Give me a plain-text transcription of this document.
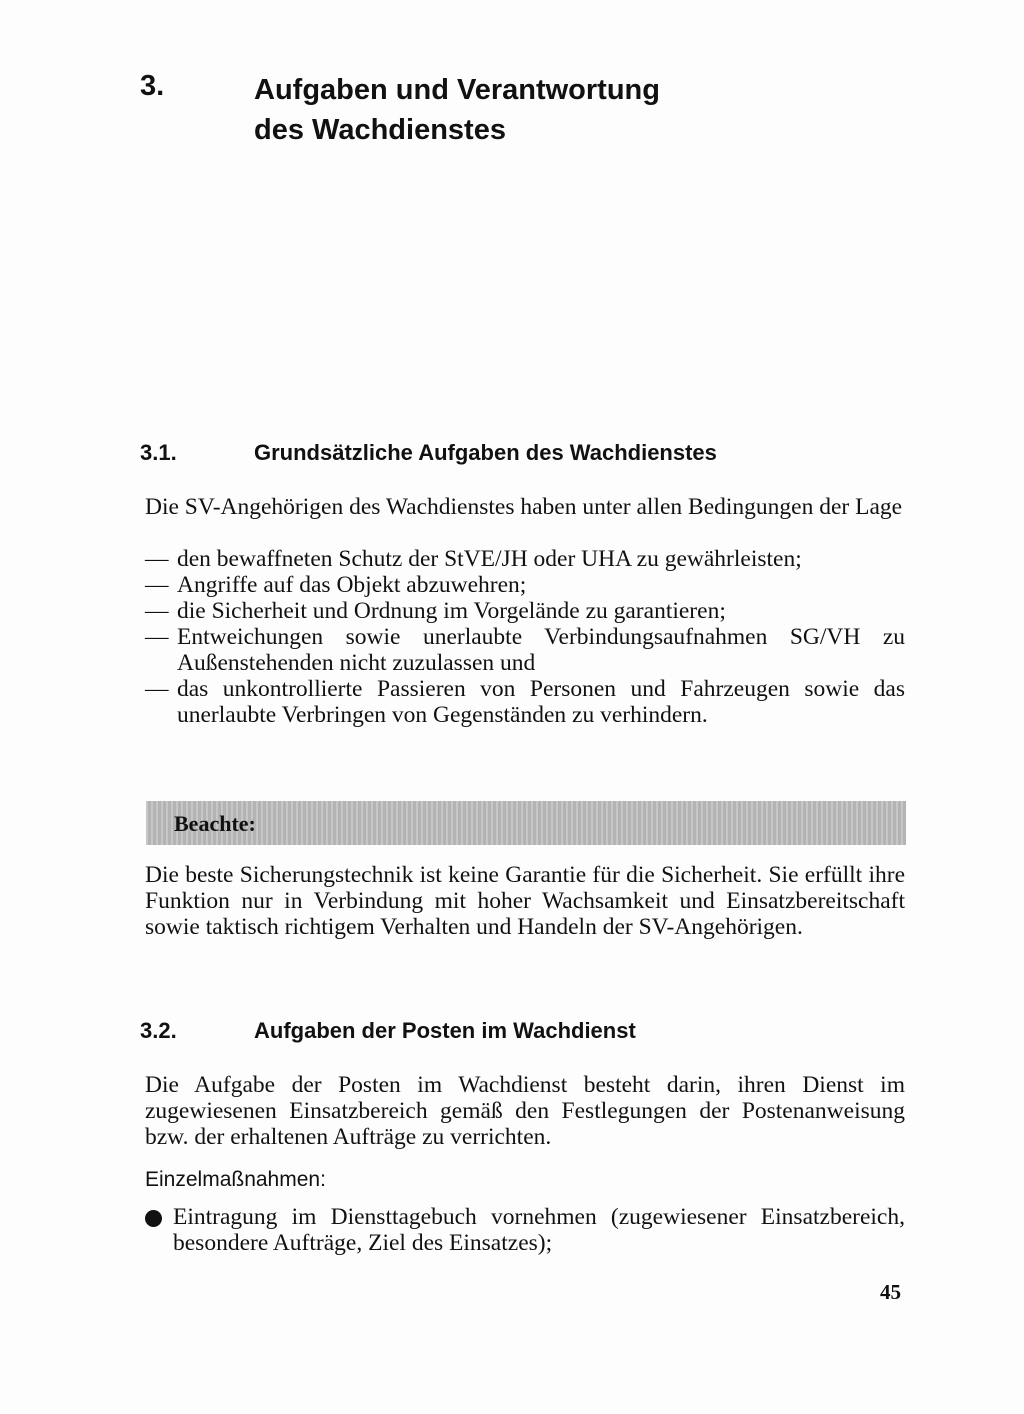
3.	Aufgaben und Verantwortung
des Wachdienstes
3.1.	Grundsätzliche Aufgaben des Wachdienstes
Die SV-Angehörigen des Wachdienstes haben unter allen Bedingungen der Lage
— den bewaffneten Schutz der StVE/JH oder UHA zu gewährleisten;
— Angriffe auf das Objekt abzuwehren;
— die Sicherheit und Ordnung im Vorgelände zu garantieren;
— Entweichungen sowie unerlaubte Verbindungsaufnahmen SG/VH zu Außenstehenden nicht zuzulassen und
— das unkontrollierte Passieren von Personen und Fahrzeugen sowie das unerlaubte Verbringen von Gegenständen zu verhindern.
Beachte:
Die beste Sicherungstechnik ist keine Garantie für die Sicherheit. Sie erfüllt ihre Funktion nur in Verbindung mit hoher Wachsamkeit und Einsatzbereitschaft sowie taktisch richtigem Verhalten und Handeln der SV-Angehörigen.
3.2.	Aufgaben der Posten im Wachdienst
Die Aufgabe der Posten im Wachdienst besteht darin, ihren Dienst im zugewiesenen Einsatzbereich gemäß den Festlegungen der Postenanweisung bzw. der erhaltenen Aufträge zu verrichten.
Einzelmaßnahmen:
Eintragung im Diensttagebuch vornehmen (zugewiesener Einsatzbereich, besondere Aufträge, Ziel des Einsatzes);
45
